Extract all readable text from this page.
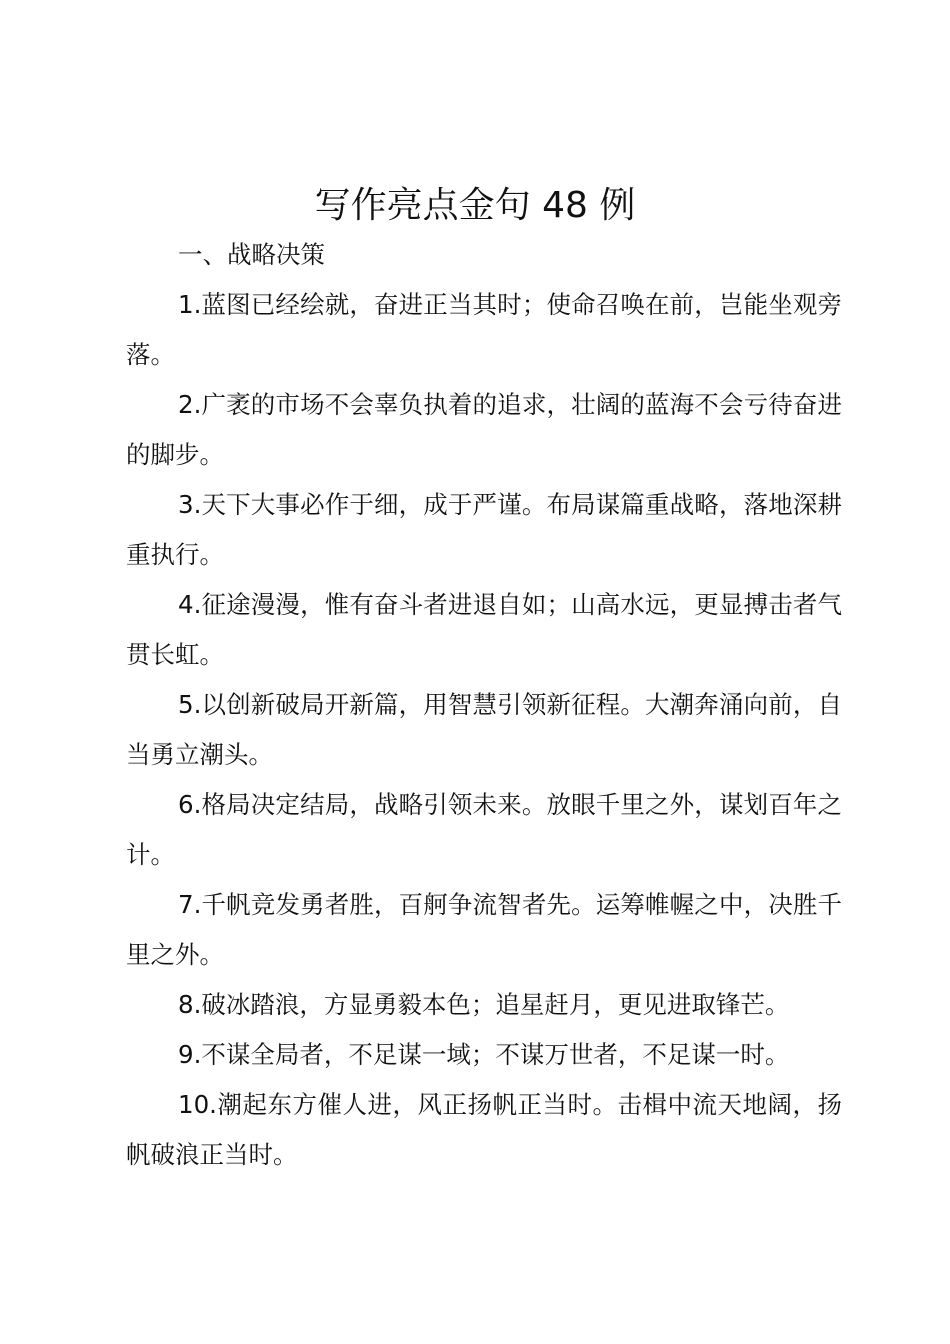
写作亮点金句 48 例

一、战略决策

1.蓝图已经绘就，奋进正当其时；使命召唤在前，岂能坐观旁落。

2.广袤的市场不会辜负执着的追求，壮阔的蓝海不会亏待奋进的脚步。

3.天下大事必作于细，成于严谨。布局谋篇重战略，落地深耕重执行。

4.征途漫漫，惟有奋斗者进退自如；山高水远，更显搏击者气贯长虹。

5.以创新破局开新篇，用智慧引领新征程。大潮奔涌向前，自当勇立潮头。

6.格局决定结局，战略引领未来。放眼千里之外，谋划百年之计。

7.千帆竞发勇者胜，百舸争流智者先。运筹帷幄之中，决胜千里之外。

8.破冰踏浪，方显勇毅本色；追星赶月，更见进取锋芒。

9.不谋全局者，不足谋一域；不谋万世者，不足谋一时。

10.潮起东方催人进，风正扬帆正当时。击楫中流天地阔，扬帆破浪正当时。
